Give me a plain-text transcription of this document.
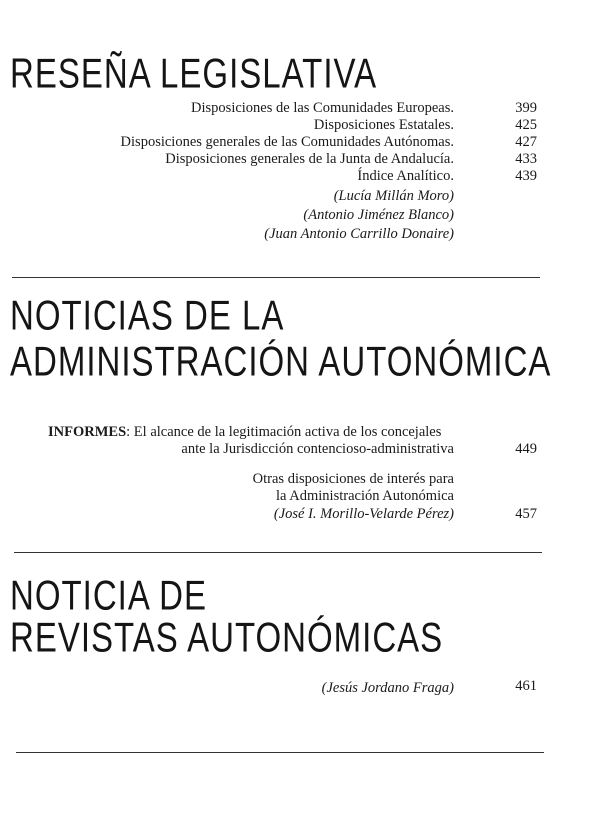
RESEÑA LEGISLATIVA
Disposiciones de las Comunidades Europeas.	399
Disposiciones Estatales.	425
Disposiciones generales de las Comunidades Autónomas.	427
Disposiciones generales de la Junta de Andalucía.	433
Índice Analítico.	439
(Lucía Millán Moro)
(Antonio Jiménez Blanco)
(Juan Antonio Carrillo Donaire)
NOTICIAS DE LA
ADMINISTRACIÓN AUTONÓMICA
INFORMES: El alcance de la legitimación activa de los concejales
ante la Jurisdicción contencioso-administrativa	449
Otras disposiciones de interés para
la Administración Autonómica
(José I. Morillo-Velarde Pérez)	457
NOTICIA DE
REVISTAS AUTONÓMICAS
(Jesús Jordano Fraga)	461
